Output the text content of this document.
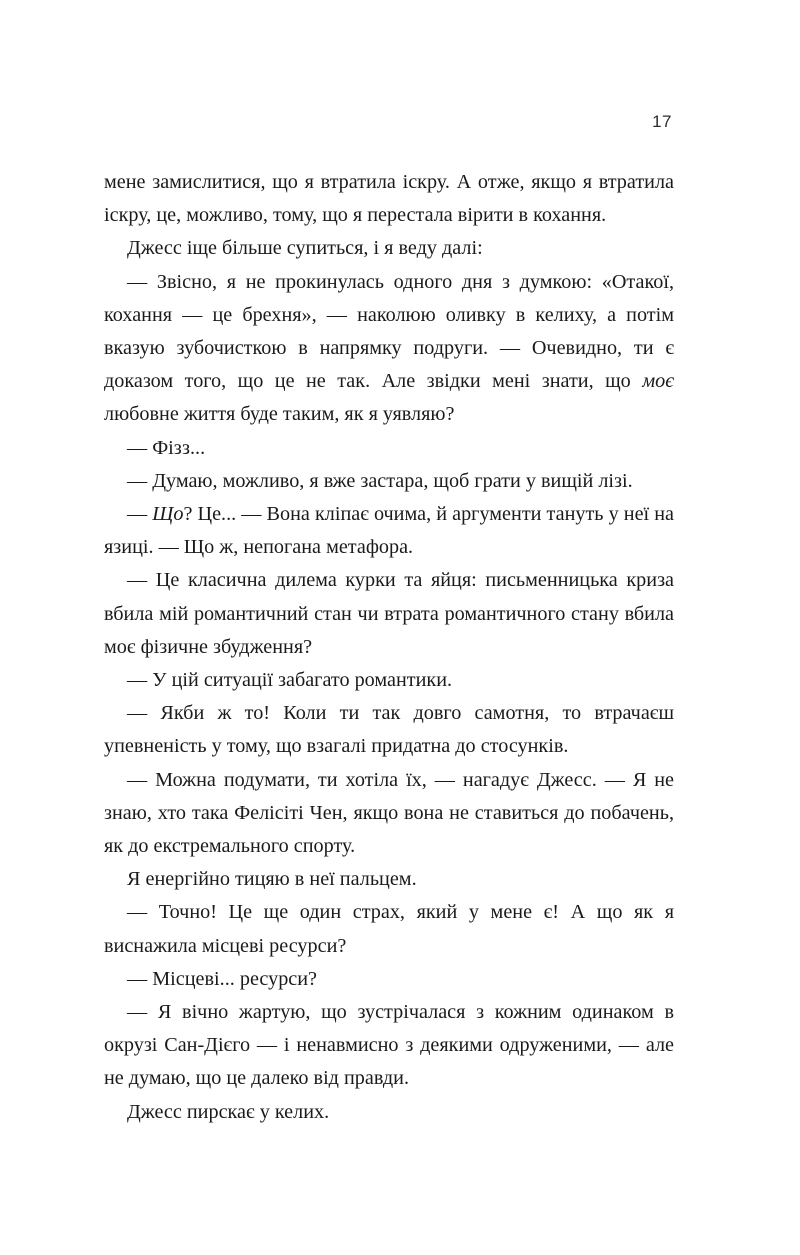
17

мене замислитися, що я втратила іскру. А отже, якщо я втратила іскру, це, можливо, тому, що я перестала вірити в кохання.

Джесс іще більше супиться, і я веду далі:

— Звісно, я не прокинулась одного дня з думкою: «Отакої, кохання — це брехня», — наколюю оливку в келиху, а потім вказую зубочисткою в напрямку подруги. — Очевидно, ти є доказом того, що це не так. Але звідки мені знати, що моє любовне життя буде таким, як я уявляю?

— Фізз...

— Думаю, можливо, я вже застара, щоб грати у вищій лізі.

— Що? Це... — Вона кліпає очима, й аргументи тануть у неї на язиці. — Що ж, непогана метафора.

— Це класична дилема курки та яйця: письменницька криза вбила мій романтичний стан чи втрата романтичного стану вбила моє фізичне збудження?

— У цій ситуації забагато романтики.

— Якби ж то! Коли ти так довго самотня, то втрачаєш упевненість у тому, що взагалі придатна до стосунків.

— Можна подумати, ти хотіла їх, — нагадує Джесс. — Я не знаю, хто така Фелісіті Чен, якщо вона не ставиться до побачень, як до екстремального спорту.

Я енергійно тицяю в неї пальцем.

— Точно! Це ще один страх, який у мене є! А що як я виснажила місцеві ресурси?

— Місцеві... ресурси?

— Я вічно жартую, що зустрічалася з кожним одинаком в окрузі Сан-Дієго — і ненавмисно з деякими одруженими, — але не думаю, що це далеко від правди.

Джесс пирскає у келих.
